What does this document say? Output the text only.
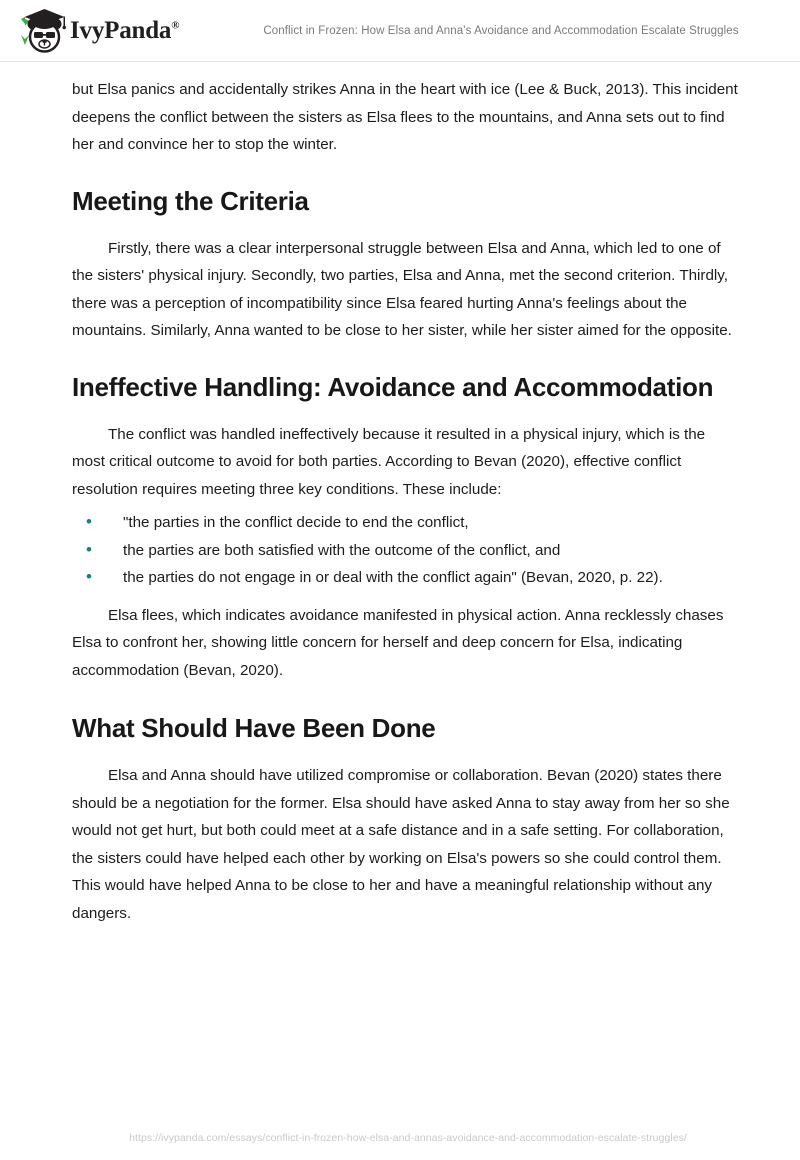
IvyPanda®	Conflict in Frozen: How Elsa and Anna's Avoidance and Accommodation Escalate Struggles

but Elsa panics and accidentally strikes Anna in the heart with ice (Lee & Buck, 2013). This incident deepens the conflict between the sisters as Elsa flees to the mountains, and Anna sets out to find her and convince her to stop the winter.

Meeting the Criteria

Firstly, there was a clear interpersonal struggle between Elsa and Anna, which led to one of the sisters' physical injury. Secondly, two parties, Elsa and Anna, met the second criterion. Thirdly, there was a perception of incompatibility since Elsa feared hurting Anna's feelings about the mountains. Similarly, Anna wanted to be close to her sister, while her sister aimed for the opposite.

Ineffective Handling: Avoidance and Accommodation

The conflict was handled ineffectively because it resulted in a physical injury, which is the most critical outcome to avoid for both parties. According to Bevan (2020), effective conflict resolution requires meeting three key conditions. These include:

• "the parties in the conflict decide to end the conflict,
• the parties are both satisfied with the outcome of the conflict, and
• the parties do not engage in or deal with the conflict again" (Bevan, 2020, p. 22).

Elsa flees, which indicates avoidance manifested in physical action. Anna recklessly chases Elsa to confront her, showing little concern for herself and deep concern for Elsa, indicating accommodation (Bevan, 2020).

What Should Have Been Done

Elsa and Anna should have utilized compromise or collaboration. Bevan (2020) states there should be a negotiation for the former. Elsa should have asked Anna to stay away from her so she would not get hurt, but both could meet at a safe distance and in a safe setting. For collaboration, the sisters could have helped each other by working on Elsa's powers so she could control them. This would have helped Anna to be close to her and have a meaningful relationship without any dangers.

https://ivypanda.com/essays/conflict-in-frozen-how-elsa-and-annas-avoidance-and-accommodation-escalate-struggles/
